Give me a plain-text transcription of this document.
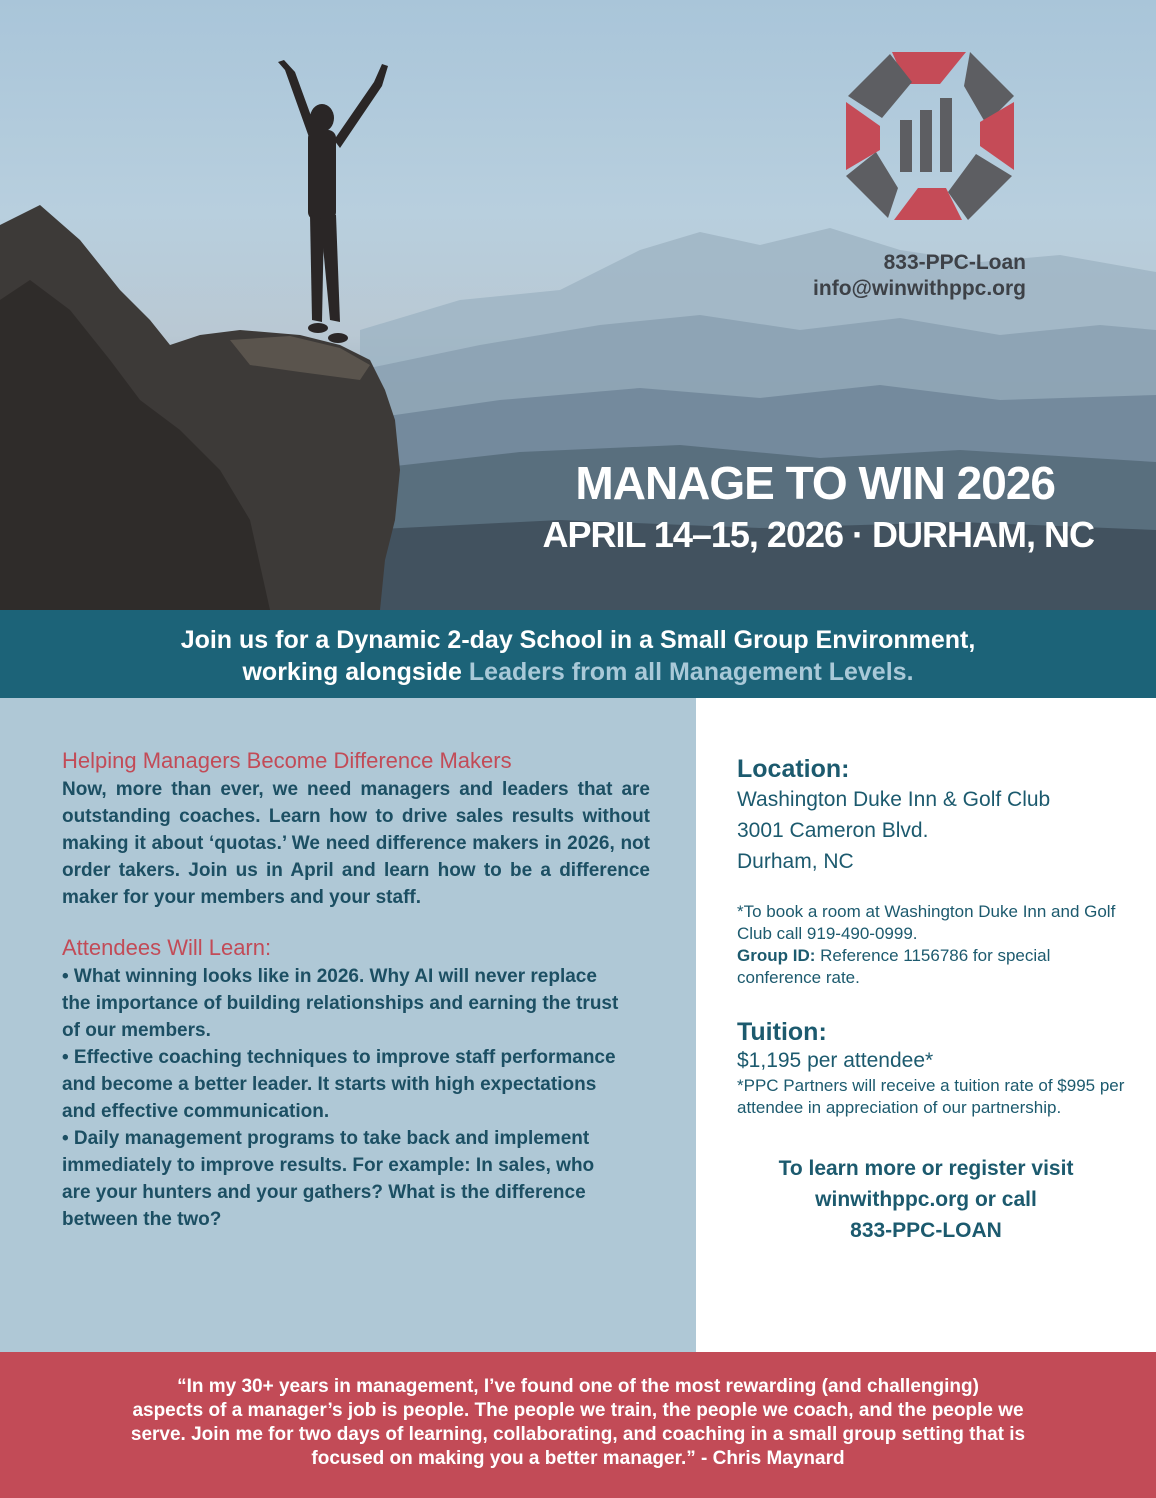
833-PPC-Loan
info@winwithppc.org
MANAGE TO WIN 2026
APRIL 14–15, 2026 · DURHAM, NC
Join us for a Dynamic 2-day School in a Small Group Environment,
working alongside Leaders from all Management Levels.
Helping Managers Become Difference Makers
Now, more than ever, we need managers and leaders that are outstanding coaches. Learn how to drive sales results without making it about ‘quotas.’ We need difference makers in 2026, not order takers. Join us in April and learn how to be a difference maker for your members and your staff.
Attendees Will Learn:
• What winning looks like in 2026. Why AI will never replace the importance of building relationships and earning the trust of our members.
• Effective coaching techniques to improve staff performance and become a better leader. It starts with high expectations and effective communication.
• Daily management programs to take back and implement immediately to improve results. For example: In sales, who are your hunters and your gathers? What is the difference between the two?
Location:
Washington Duke Inn & Golf Club
3001 Cameron Blvd.
Durham, NC
*To book a room at Washington Duke Inn and Golf Club call 919-490-0999.
Group ID: Reference 1156786 for special conference rate.
Tuition:
$1,195 per attendee*
*PPC Partners will receive a tuition rate of $995 per attendee in appreciation of our partnership.
To learn more or register visit
winwithppc.org or call
833-PPC-LOAN
“In my 30+ years in management, I’ve found one of the most rewarding (and challenging)
aspects of a manager’s job is people. The people we train, the people we coach, and the people we
serve. Join me for two days of learning, collaborating, and coaching in a small group setting that is
focused on making you a better manager.” - Chris Maynard
